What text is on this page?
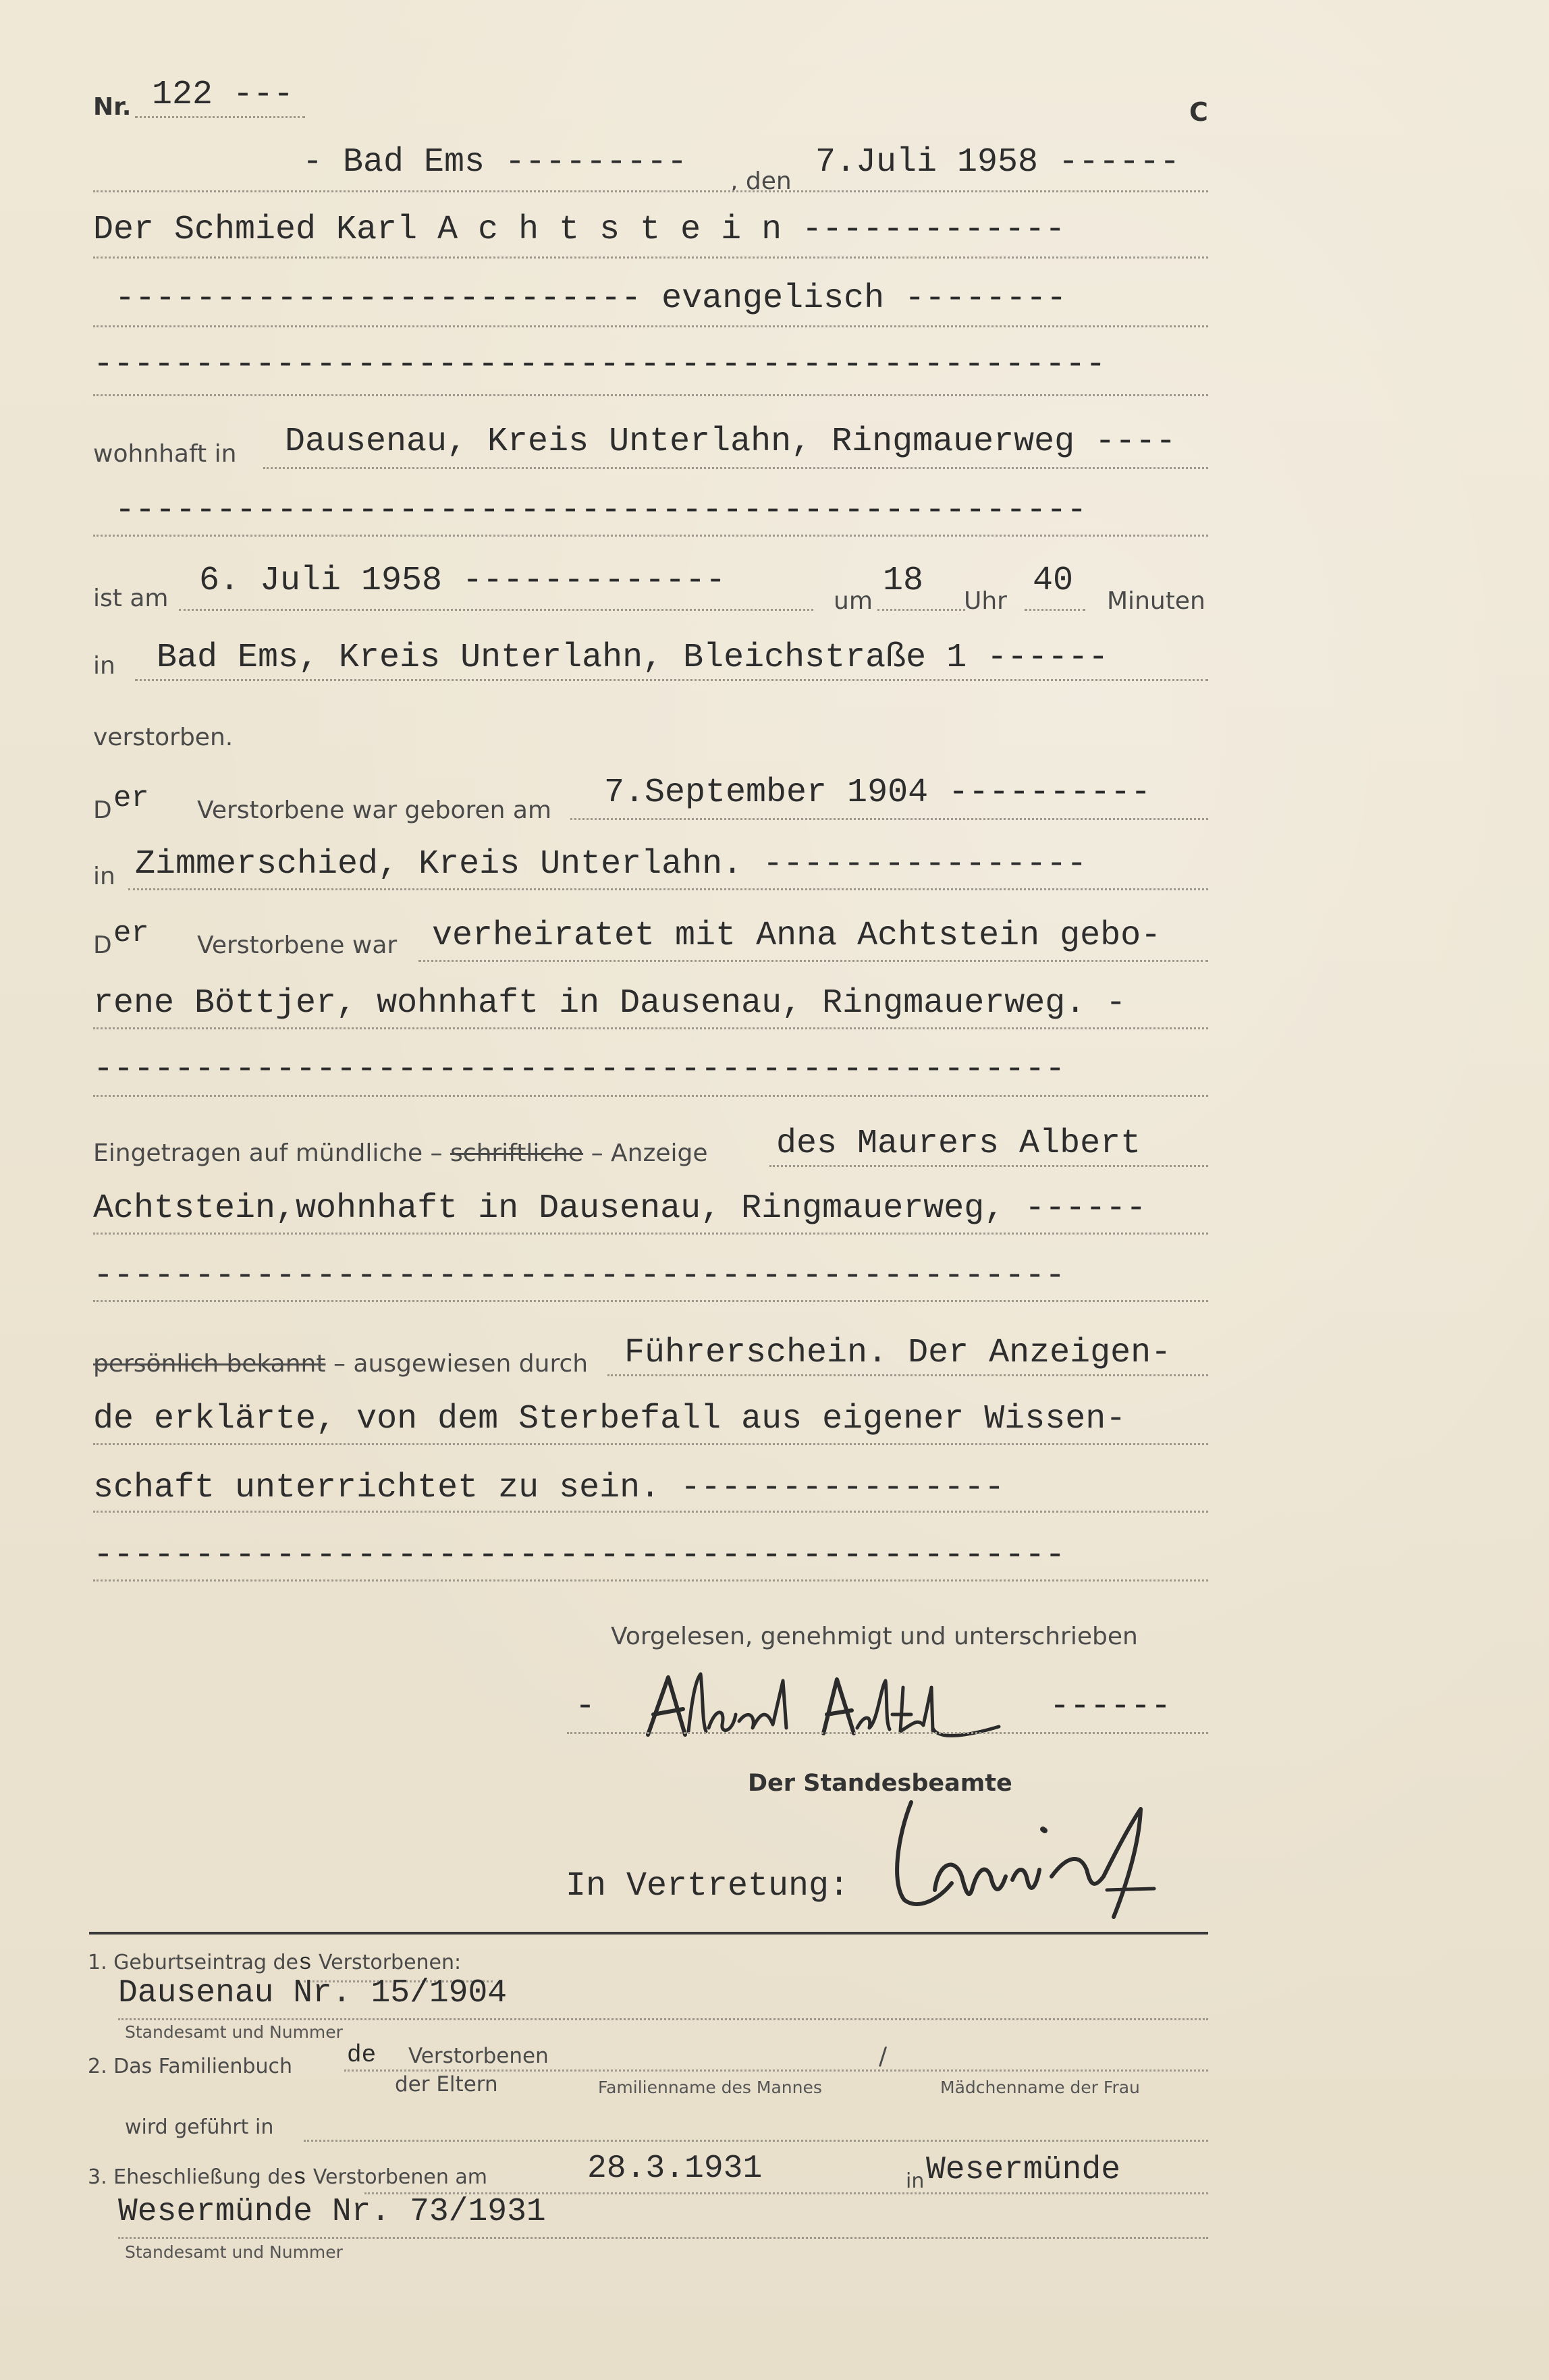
Nr. 122 ---	C
- Bad Ems --------- , den 7.Juli 1958 ------
Der Schmied Karl A c h t s t e i n -------------
-------------------------- evangelisch --------
--------------------------------------------------
wohnhaft in Dausenau, Kreis Unterlahn, Ringmauerweg ----
------------------------------------------------
ist am 6. Juli 1958 -------------
um
18
Uhr
40
Minuten
in Bad Ems, Kreis Unterlahn, Bleichstraße 1 ------
verstorben.
D er Verstorbene war geboren am 7.September 1904 ----------
in Zimmerschied, Kreis Unterlahn. ----------------
D er Verstorbene war verheiratet mit Anna Achtstein gebo-
rene Böttjer, wohnhaft in Dausenau, Ringmauerweg. -
------------------------------------------------
Eingetragen auf mündliche – schriftliche – Anzeige des Maurers Albert
Achtstein,wohnhaft in Dausenau, Ringmauerweg, ------
------------------------------------------------
persönlich bekannt – ausgewiesen durch Führerschein. Der Anzeigen-
de erklärte, von dem Sterbefall aus eigener Wissen-
schaft unterrichtet zu sein. ----------------
------------------------------------------------
Vorgelesen, genehmigt und unterschrieben
-	------
Der Standesbeamte
In Vertretung:
1. Geburtseintrag des Verstorbenen:
Dausenau Nr. 15/1904
Standesamt und Nummer
2. Das Familienbuch de Verstorbenen
der Eltern
/
Familienname des Mannes	Mädchenname der Frau
wird geführt in
3. Eheschließung des Verstorbenen am	28.3.1931	in Wesermünde
Wesermünde Nr. 73/1931
Standesamt und Nummer
